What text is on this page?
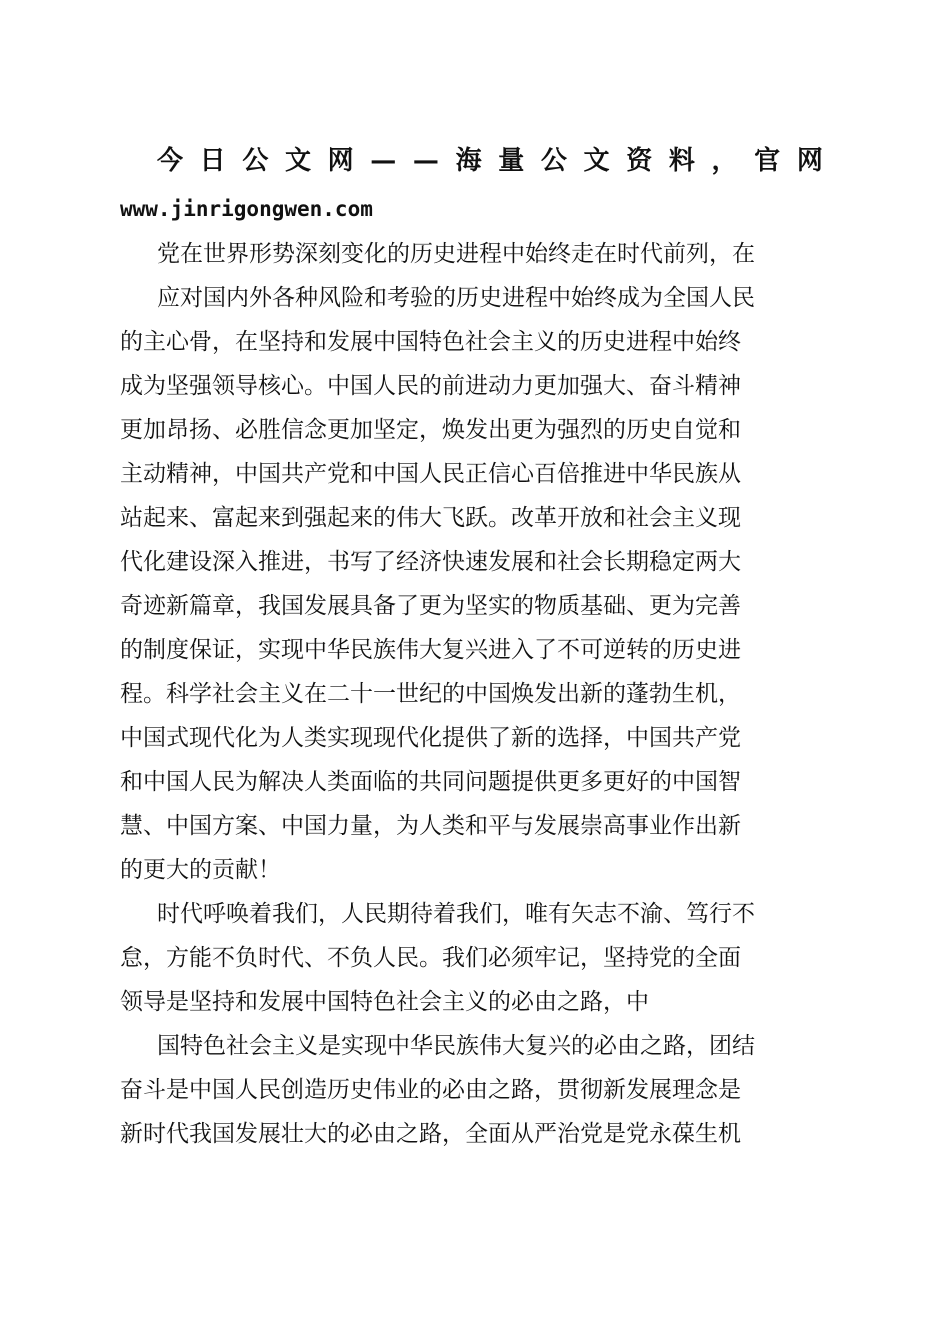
今 日 公 文 网 — — 海 量 公 文 资 料 ， 官 网
www.jinrigongwen.com
党在世界形势深刻变化的历史进程中始终走在时代前列，在
应对国内外各种风险和考验的历史进程中始终成为全国人民
的主心骨，在坚持和发展中国特色社会主义的历史进程中始终
成为坚强领导核心。中国人民的前进动力更加强大、奋斗精神
更加昂扬、必胜信念更加坚定，焕发出更为强烈的历史自觉和
主动精神，中国共产党和中国人民正信心百倍推进中华民族从
站起来、富起来到强起来的伟大飞跃。改革开放和社会主义现
代化建设深入推进，书写了经济快速发展和社会长期稳定两大
奇迹新篇章，我国发展具备了更为坚实的物质基础、更为完善
的制度保证，实现中华民族伟大复兴进入了不可逆转的历史进
程。科学社会主义在二十一世纪的中国焕发出新的蓬勃生机，
中国式现代化为人类实现现代化提供了新的选择，中国共产党
和中国人民为解决人类面临的共同问题提供更多更好的中国智
慧、中国方案、中国力量，为人类和平与发展崇高事业作出新
的更大的贡献！
时代呼唤着我们，人民期待着我们，唯有矢志不渝、笃行不
怠，方能不负时代、不负人民。我们必须牢记，坚持党的全面
领导是坚持和发展中国特色社会主义的必由之路，中
国特色社会主义是实现中华民族伟大复兴的必由之路，团结
奋斗是中国人民创造历史伟业的必由之路，贯彻新发展理念是
新时代我国发展壮大的必由之路，全面从严治党是党永葆生机
